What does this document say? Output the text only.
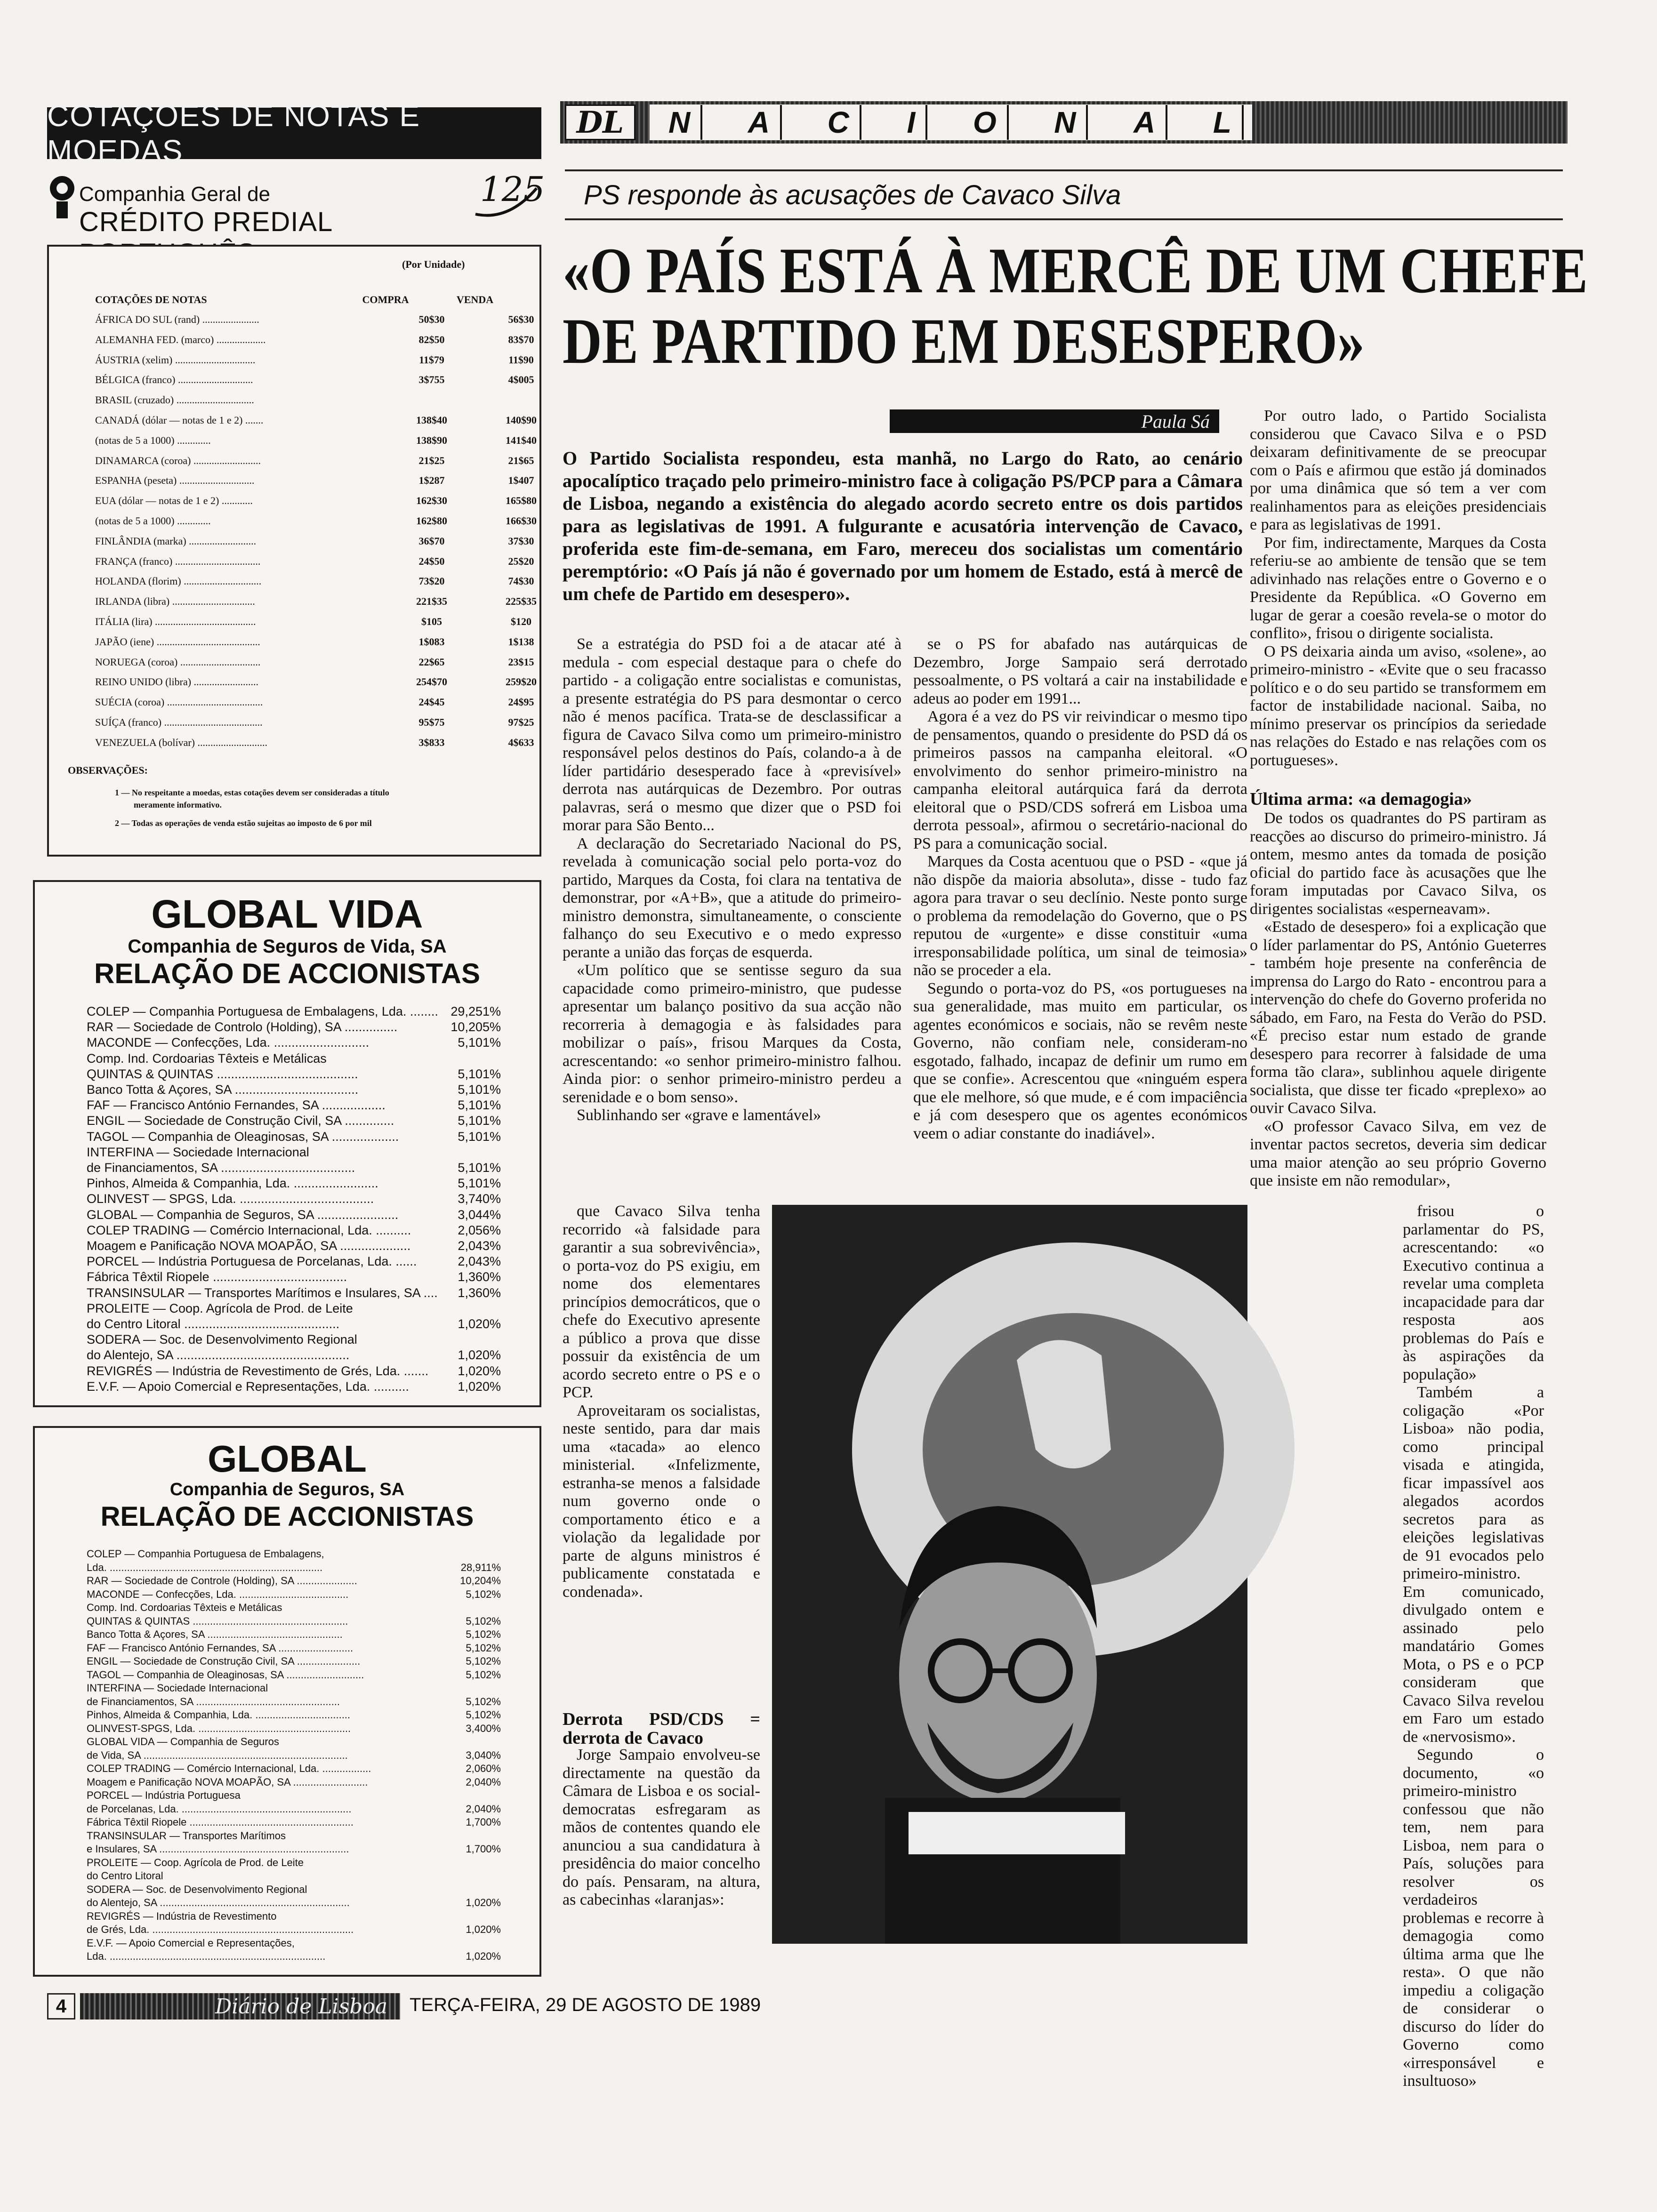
COTAÇÕES DE NOTAS E MOEDAS
Companhia Geral de
CRÉDITO PREDIAL
125
(Por Unidade)
COTAÇÕES DE NOTAS	COMPRA	VENDA
ÁFRICA DO SUL (rand) ......................	50$30	56$30
ALEMANHA FED. (marco) ...................	82$50	83$70
ÁUSTRIA (xelim) ...............................	11$79	11$90
BÉLGICA (franco) .............................	3$755	4$005
BRASIL (cruzado) ..............................
CANADÁ (dólar — notas de 1 e 2) .......	138$40	140$90
(notas de 5 a 1000) .............	138$90	141$40
DINAMARCA (coroa) ..........................	21$25	21$65
ESPANHA (peseta) .............................	1$287	1$407
EUA (dólar — notas de 1 e 2) ............	162$30	165$80
(notas de 5 a 1000) .............	162$80	166$30
FINLÂNDIA (marka) ..........................	36$70	37$30
FRANÇA (franco) .................................	24$50	25$20
HOLANDA (florim) ..............................	73$20	74$30
IRLANDA (libra) ................................	221$35	225$35
ITÁLIA (lira) .......................................	$105	$120
JAPÃO (iene) ........................................	1$083	1$138
NORUEGA (coroa) ...............................	22$65	23$15
REINO UNIDO (libra) .........................	254$70	259$20
SUÉCIA (coroa) .....................................	24$45	24$95
SUÍÇA (franco) ......................................	95$75	97$25
VENEZUELA (bolívar) ...........................	3$833	4$633
OBSERVAÇÕES:
1 — No respeitante a moedas, estas cotações devem ser consideradas a título
meramente informativo.
2 — Todas as operações de venda estão sujeitas ao imposto de 6 por mil
GLOBAL VIDA
Companhia de Seguros de Vida, SA
RELAÇÃO DE ACCIONISTAS
COLEP — Companhia Portuguesa de Embalagens, Lda. ........ 29,251%
RAR — Sociedade de Controlo (Holding), SA ...............	10,205%
MACONDE — Confecções, Lda. ...........................	5,101%
Comp. Ind. Cordoarias Têxteis e Metálicas
QUINTAS & QUINTAS ........................................	5,101%
Banco Totta & Açores, SA ...................................	5,101%
FAF — Francisco António Fernandes, SA ..................	5,101%
ENGIL — Sociedade de Construção Civil, SA ..............	5,101%
TAGOL — Companhia de Oleaginosas, SA ...................	5,101%
INTERFINA — Sociedade Internacional
de Financiamentos, SA ......................................	5,101%
Pinhos, Almeida & Companhia, Lda. ........................	5,101%
OLINVEST — SPGS, Lda. ......................................	3,740%
GLOBAL — Companhia de Seguros, SA .......................	3,044%
COLEP TRADING — Comércio Internacional, Lda. ..........	2,056%
Moagem e Panificação NOVA MOAPÃO, SA ....................	2,043%
PORCEL — Indústria Portuguesa de Porcelanas, Lda. ......	2,043%
Fábrica Têxtil Riopele ......................................	1,360%
TRANSINSULAR — Transportes Marítimos e Insulares, SA .... 1,360%
PROLEITE — Coop. Agrícola de Prod. de Leite
do Centro Litoral ............................................	1,020%
SODERA — Soc. de Desenvolvimento Regional
do Alentejo, SA .................................................	1,020%
REVIGRÉS — Indústria de Revestimento de Grés, Lda. ....... 1,020%
E.V.F. — Apoio Comercial e Representações, Lda. ..........	1,020%
GLOBAL
Companhia de Seguros, SA
RELAÇÃO DE ACCIONISTAS
COLEP — Companhia Portuguesa de Embalagens,
Lda. ..........................................................................	28,911%
RAR — Sociedade de Controle (Holding), SA .....................	10,204%
MACONDE — Confecções, Lda. ......................................	5,102%
Comp. Ind. Cordoarias Têxteis e Metálicas
QUINTAS & QUINTAS ......................................................	5,102%
Banco Totta & Açores, SA ...............................................	5,102%
FAF — Francisco António Fernandes, SA ..........................	5,102%
ENGIL — Sociedade de Construção Civil, SA ......................	5,102%
TAGOL — Companhia de Oleaginosas, SA ...........................	5,102%
INTERFINA — Sociedade Internacional
de Financiamentos, SA ..................................................	5,102%
Pinhos, Almeida & Companhia, Lda. .................................	5,102%
OLINVEST-SPGS, Lda. .....................................................	3,400%
GLOBAL VIDA — Companhia de Seguros
de Vida, SA .......................................................................	3,040%
COLEP TRADING — Comércio Internacional, Lda. .................	2,060%
Moagem e Panificação NOVA MOAPÃO, SA ..........................	2,040%
PORCEL — Indústria Portuguesa
de Porcelanas, Lda. ...........................................................	2,040%
Fábrica Têxtil Riopele .........................................................	1,700%
TRANSINSULAR — Transportes Marítimos
e Insulares, SA ..................................................................	1,700%
PROLEITE — Coop. Agrícola de Prod. de Leite
do Centro Litoral
SODERA — Soc. de Desenvolvimento Regional
do Alentejo, SA ..................................................................	1,020%
REVIGRÉS — Indústria de Revestimento
de Grés, Lda. ......................................................................	1,020%
E.V.F. — Apoio Comercial e Representações,
Lda. ...........................................................................	1,020%
DL	N	A	C	I	O	N	A	L
PS responde às acusações de Cavaco Silva
«O PAÍS ESTÁ À MERCÊ DE UM CHEFE
DE PARTIDO EM DESESPERO»
Paula Sá
O Partido Socialista respondeu, esta manhã, no Largo do Rato, ao cenário apocalíptico traçado pelo primeiro-ministro face à coligação PS/PCP para a Câmara de Lisboa, negando a existência do alegado acordo secreto entre os dois partidos para as legislativas de 1991. A fulgurante e acusatória intervenção de Cavaco, proferida este fim-de-semana, em Faro, mereceu dos socialistas um comentário peremptório: «O País já não é governado por um homem de Estado, está à mercê de um chefe de Partido em desespero».

Se a estratégia do PSD foi a de atacar até à medula - com especial destaque para o chefe do partido - a coligação entre socialistas e comunistas, a presente estratégia do PS para desmontar o cerco não é menos pacífica. Trata-se de desclassificar a figura de Cavaco Silva como um primeiro-ministro responsável pelos destinos do País, colando-a à de líder partidário desesperado face à «previsível» derrota nas autárquicas de Dezembro. Por outras palavras, será o mesmo que dizer que o PSD foi morar para São Bento...

A declaração do Secretariado Nacional do PS, revelada à comunicação social pelo porta-voz do partido, Marques da Costa, foi clara na tentativa de demonstrar, por «A+B», que a atitude do primeiro-ministro demonstra, simultaneamente, o consciente falhanço do seu Executivo e o medo expresso perante a união das forças de esquerda.

«Um político que se sentisse seguro da sua capacidade como primeiro-ministro, que pudesse apresentar um balanço positivo da sua acção não recorreria à demagogia e às falsidades para mobilizar o país», frisou Marques da Costa, acrescentando: «o senhor primeiro-ministro falhou. Ainda pior: o senhor primeiro-ministro perdeu a serenidade e o bom senso».

Sublinhando ser «grave e lamentável»

que Cavaco Silva tenha recorrido «à falsidade para garantir a sua sobrevivência», o porta-voz do PS exigiu, em nome dos elementares princípios democráticos, que o chefe do Executivo apresente a público a prova que disse possuir da existência de um acordo secreto entre o PS e o PCP.

Aproveitaram os socialistas, neste sentido, para dar mais uma «tacada» ao elenco ministerial. «Infelizmente, estranha-se menos a falsidade num governo onde o comportamento ético e a violação da legalidade por parte de alguns ministros é publicamente constatada e condenada».

Derrota PSD/CDS = derrota de Cavaco

Jorge Sampaio envolveu-se directamente na questão da Câmara de Lisboa e os social-democratas esfregaram as mãos de contentes quando ele anunciou a sua candidatura à presidência do maior concelho do país. Pensaram, na altura, as cabecinhas «laranjas»:

se o PS for abafado nas autárquicas de Dezembro, Jorge Sampaio será derrotado pessoalmente, o PS voltará a cair na instabilidade e adeus ao poder em 1991...

Agora é a vez do PS vir reivindicar o mesmo tipo de pensamentos, quando o presidente do PSD dá os primeiros passos na campanha eleitoral. «O envolvimento do senhor primeiro-ministro na campanha eleitoral autárquica fará da derrota eleitoral que o PSD/CDS sofrerá em Lisboa uma derrota pessoal», afirmou o secretário-nacional do PS para a comunicação social.

Marques da Costa acentuou que o PSD - «que já não dispõe da maioria absoluta», disse - tudo faz agora para travar o seu declínio. Neste ponto surge o problema da remodelação do Governo, que o PS reputou de «urgente» e disse constituir «uma irresponsabilidade política, um sinal de teimosia» não se proceder a ela.

Segundo o porta-voz do PS, «os portugueses na sua generalidade, mas muito em particular, os agentes económicos e sociais, não se revêm neste Governo, não confiam nele, consideram-no esgotado, falhado, incapaz de definir um rumo em que se confie». Acrescentou que «ninguém espera que ele melhore, só que mude, e é com impaciência e já com desespero que os agentes económicos veem o adiar constante do inadiável».

Por outro lado, o Partido Socialista considerou que Cavaco Silva e o PSD deixaram definitivamente de se preocupar com o País e afirmou que estão já dominados por uma dinâmica que só tem a ver com realinhamentos para as eleições presidenciais e para as legislativas de 1991.

Por fim, indirectamente, Marques da Costa referiu-se ao ambiente de tensão que se tem adivinhado nas relações entre o Governo e o Presidente da República. «O Governo em lugar de gerar a coesão revela-se o motor do conflito», frisou o dirigente socialista.

O PS deixaria ainda um aviso, «solene», ao primeiro-ministro - «Evite que o seu fracasso político e o do seu partido se transformem em factor de instabilidade nacional. Saiba, no mínimo preservar os princípios da seriedade nas relações do Estado e nas relações com os portugueses».

Última arma: «a demagogia»

De todos os quadrantes do PS partiram as reacções ao discurso do primeiro-ministro. Já ontem, mesmo antes da tomada de posição oficial do partido face às acusações que lhe foram imputadas por Cavaco Silva, os dirigentes socialistas «esperneavam».

«Estado de desespero» foi a explicação que o líder parlamentar do PS, António Gueterres - também hoje presente na conferência de imprensa do Largo do Rato - encontrou para a intervenção do chefe do Governo proferida no sábado, em Faro, na Festa do Verão do PSD. «É preciso estar num estado de grande desespero para recorrer à falsidade de uma forma tão clara», sublinhou aquele dirigente socialista, que disse ter ficado «preplexo» ao ouvir Cavaco Silva.

«O professor Cavaco Silva, em vez de inventar pactos secretos, deveria sim dedicar uma maior atenção ao seu próprio Governo que insiste em não remodular»,

frisou o parlamentar do PS, acrescentando: «o Executivo continua a revelar uma completa incapacidade para dar resposta aos problemas do País e às aspirações da população»

Também a coligação «Por Lisboa» não podia, como principal visada e atingida, ficar impassível aos alegados acordos secretos para as eleições legislativas de 91 evocados pelo primeiro-ministro. Em comunicado, divulgado ontem e assinado pelo mandatário Gomes Mota, o PS e o PCP consideram que Cavaco Silva revelou em Faro um estado de «nervosismo».

Segundo o documento, «o primeiro-ministro confessou que não tem, nem para Lisboa, nem para o País, soluções para resolver os verdadeiros problemas e recorre à demagogia como última arma que lhe resta». O que não impediu a coligação de considerar o discurso do líder do Governo como «irresponsável e insultuoso»

4	Diário de Lisboa	TERÇA-FEIRA, 29 DE AGOSTO DE 1989
